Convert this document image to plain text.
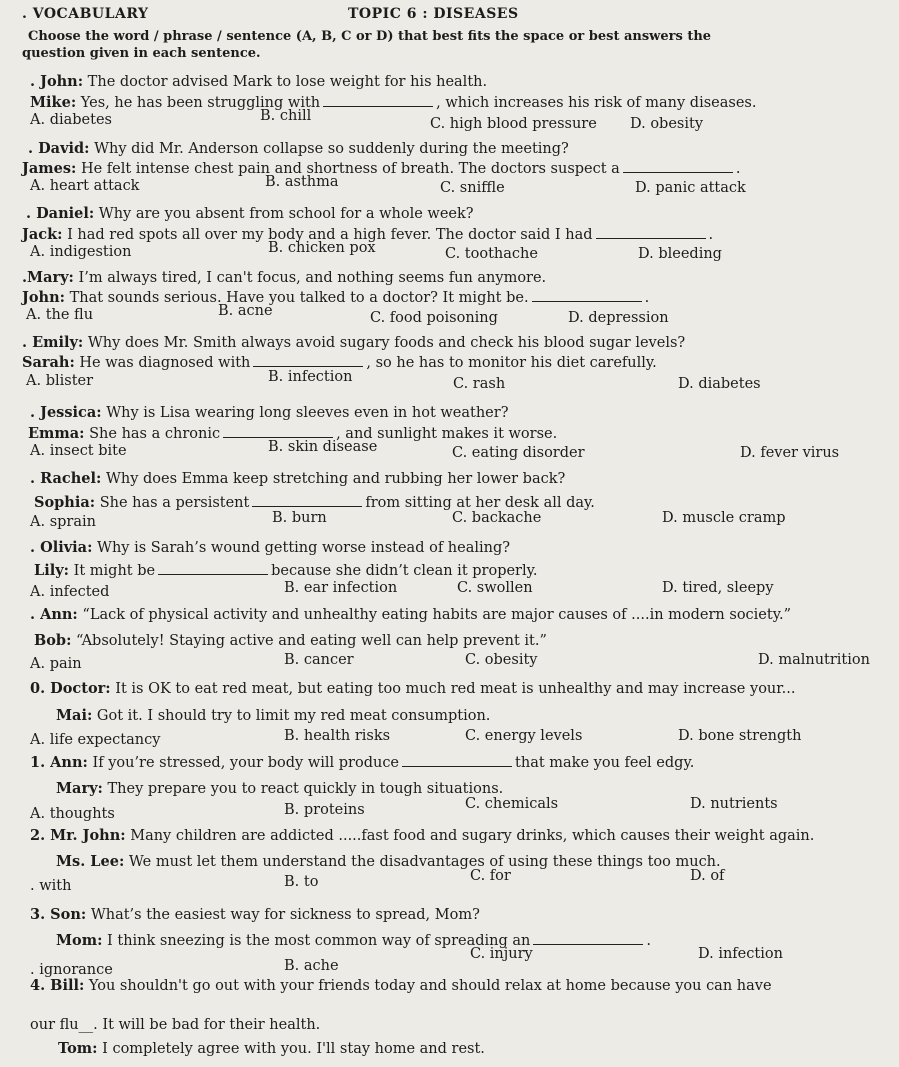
. VOCABULARY	TOPIC 6 : DISEASES
Choose the word / phrase / sentence (A, B, C or D) that best fits the space or best answers the
question given in each sentence.
. John: The doctor advised Mark to lose weight for his health.
Mike: Yes, he has been struggling with	, which increases his risk of many diseases.
A. diabetes	B. chill	C. high blood pressure D. obesity
. David: Why did Mr. Anderson collapse so suddenly during the meeting?
James: He felt intense chest pain and shortness of breath. The doctors suspect a	.
A. heart attack	B. asthma	C. sniffle	D. panic attack
. Daniel: Why are you absent from school for a whole week?
Jack: I had red spots all over my body and a high fever. The doctor said I had	.
A. indigestion	B. chicken pox	C. toothache	D. bleeding
.Mary: I’m always tired, I can't focus, and nothing seems fun anymore.
John: That sounds serious. Have you talked to a doctor? It might be.	.
A. the flu	B. acne	C. food poisoning	D. depression
. Emily: Why does Mr. Smith always avoid sugary foods and check his blood sugar levels?
Sarah: He was diagnosed with	, so he has to monitor his diet carefully.
A. blister	B. infection	C. rash	D. diabetes
. Jessica: Why is Lisa wearing long sleeves even in hot weather?
Emma: She has a chronic	, and sunlight makes it worse.
A. insect bite	B. skin disease	C. eating disorder	D. fever virus
. Rachel: Why does Emma keep stretching and rubbing her lower back?
Sophia: She has a persistent	from sitting at her desk all day.
A. sprain	B. burn	C. backache	D. muscle cramp
. Olivia: Why is Sarah’s wound getting worse instead of healing?
Lily: It might be	because she didn’t clean it properly.
A. infected	B. ear infection	C. swollen	D. tired, sleepy
. Ann: “Lack of physical activity and unhealthy eating habits are major causes of ....in modern society.”
Bob: “Absolutely! Staying active and eating well can help prevent it.”
A. pain	B. cancer	C. obesity	D. malnutrition
0. Doctor: It is OK to eat red meat, but eating too much red meat is unhealthy and may increase your...
Mai: Got it. I should try to limit my red meat consumption.
A. life expectancy	B. health risks	C. energy levels	D. bone strength
1. Ann: If you’re stressed, your body will produce	that make you feel edgy.
Mary: They prepare you to react quickly in tough situations.
A. thoughts	B. proteins	C. chemicals	D. nutrients
2. Mr. John: Many children are addicted .....fast food and sugary drinks, which causes their weight again.
Ms. Lee: We must let them understand the disadvantages of using these things too much.
. with	B. to	C. for	D. of
3. Son: What’s the easiest way for sickness to spread, Mom?
Mom: I think sneezing is the most common way of spreading an	.
. ignorance	B. ache
C. injury	D. infection
4. Bill: You shouldn't go out with your friends today and should relax at home because you can have
our flu__. It will be bad for their health.
Tom: I completely agree with you. I'll stay home and rest.
